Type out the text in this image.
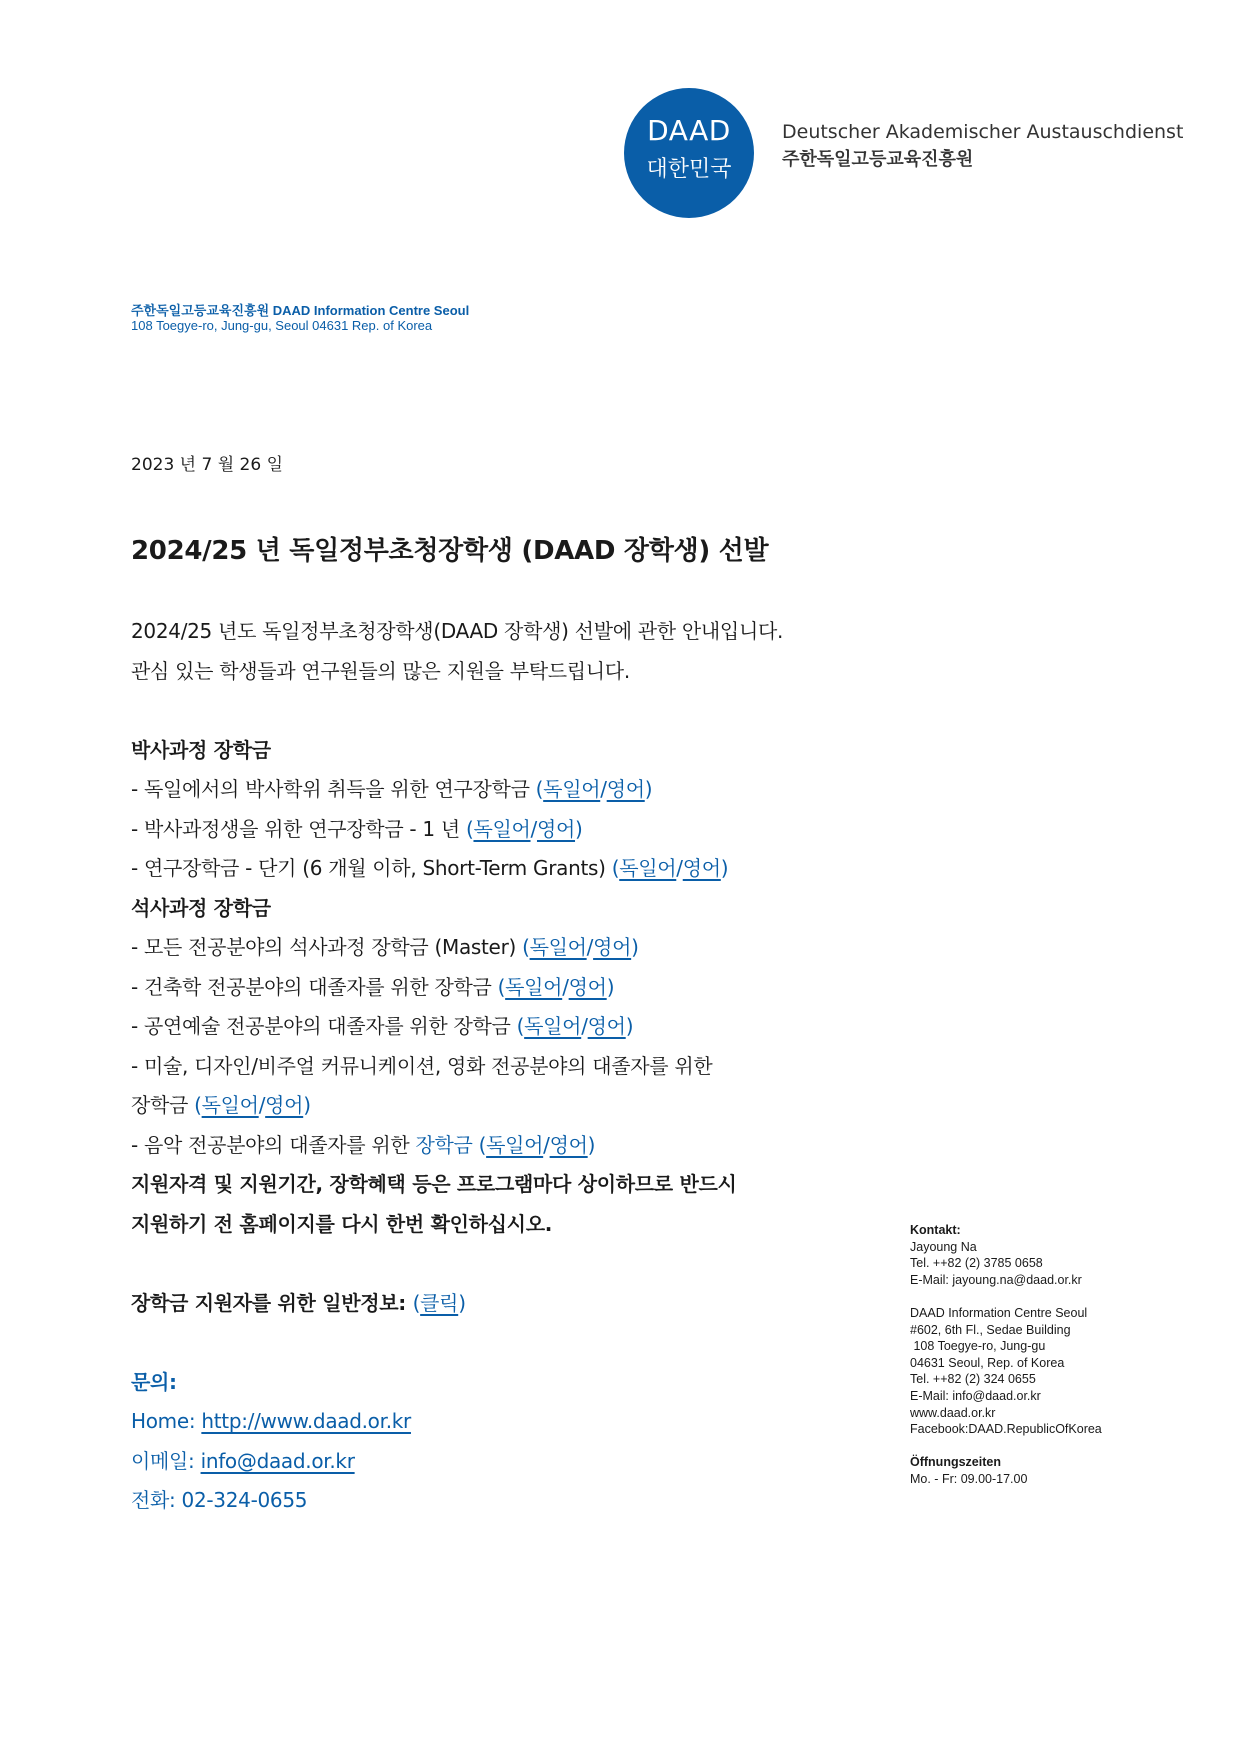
DAAD
대한민국
Deutscher Akademischer Austauschdienst
주한독일고등교육진흥원
주한독일고등교육진흥원 DAAD Information Centre Seoul
108 Toegye-ro, Jung-gu, Seoul 04631 Rep. of Korea
2023 년 7 월 26 일
2024/25 년 독일정부초청장학생 (DAAD 장학생) 선발

2024/25 년도 독일정부초청장학생(DAAD 장학생) 선발에 관한 안내입니다.

관심 있는 학생들과 연구원들의 많은 지원을 부탁드립니다.

박사과정 장학금

- 독일에서의 박사학위 취득을 위한 연구장학금 (독일어/영어)

- 박사과정생을 위한 연구장학금 - 1 년 (독일어/영어)

- 연구장학금 - 단기 (6 개월 이하, Short-Term Grants) (독일어/영어)

석사과정 장학금

- 모든 전공분야의 석사과정 장학금 (Master) (독일어/영어)

- 건축학 전공분야의 대졸자를 위한 장학금 (독일어/영어)

- 공연예술 전공분야의 대졸자를 위한 장학금 (독일어/영어)

- 미술, 디자인/비주얼 커뮤니케이션, 영화 전공분야의 대졸자를 위한

장학금 (독일어/영어)

- 음악 전공분야의 대졸자를 위한 장학금 (독일어/영어)

지원자격 및 지원기간, 장학혜택 등은 프로그램마다 상이하므로 반드시

지원하기 전 홈페이지를 다시 한번 확인하십시오.

장학금 지원자를 위한 일반정보: (클릭)

문의:

Home: http://www.daad.or.kr

이메일: info@daad.or.kr

전화: 02-324-0655

Kontakt:
Jayoung Na
Tel. ++82 (2) 3785 0658
E-Mail: jayoung.na@daad.or.kr
DAAD Information Centre Seoul
#602, 6th Fl., Sedae Building
108 Toegye-ro, Jung-gu
04631 Seoul, Rep. of Korea
Tel. ++82 (2) 324 0655
E-Mail: info@daad.or.kr
www.daad.or.kr
Facebook:DAAD.RepublicOfKorea
Öffnungszeiten
Mo. - Fr: 09.00-17.00
